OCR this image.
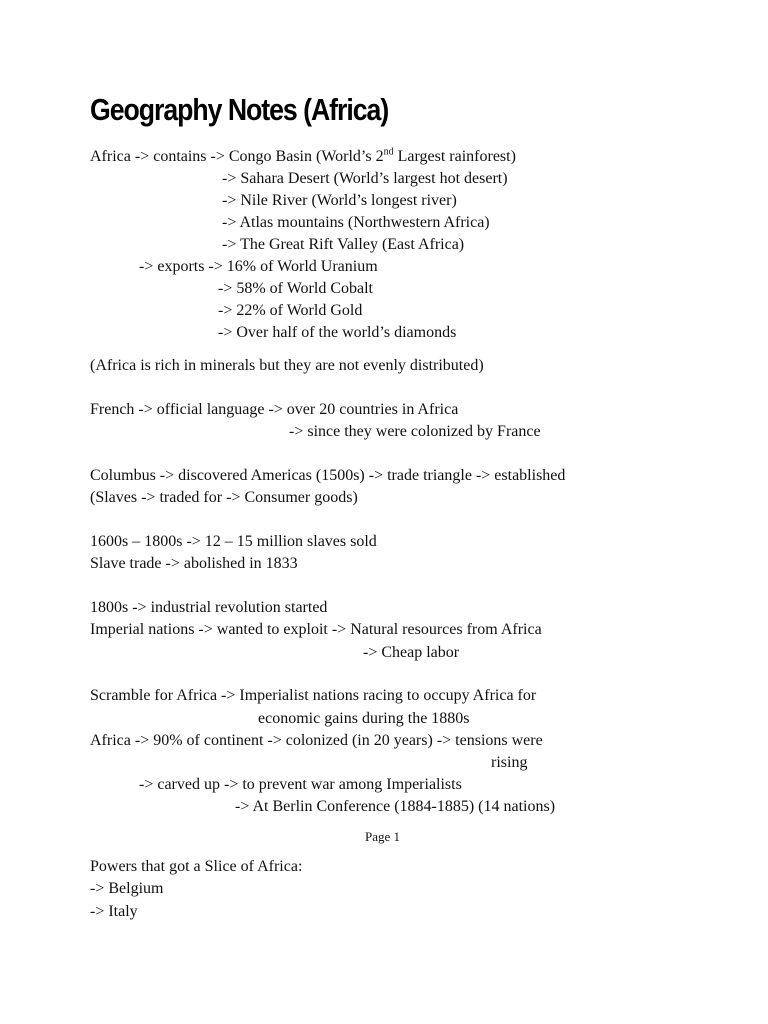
Geography Notes (Africa)
Africa -> contains -> Congo Basin (World’s 2nd Largest rainforest)
-> Sahara Desert (World’s largest hot desert)
-> Nile River (World’s longest river)
-> Atlas mountains (Northwestern Africa)
-> The Great Rift Valley (East Africa)
-> exports -> 16% of World Uranium
-> 58% of World Cobalt
-> 22% of World Gold
-> Over half of the world’s diamonds
(Africa is rich in minerals but they are not evenly distributed)
French -> official language -> over 20 countries in Africa
-> since they were colonized by France
Columbus -> discovered Americas (1500s) -> trade triangle -> established
(Slaves -> traded for -> Consumer goods)
1600s – 1800s -> 12 – 15 million slaves sold
Slave trade -> abolished in 1833
1800s -> industrial revolution started
Imperial nations -> wanted to exploit -> Natural resources from Africa
-> Cheap labor
Scramble for Africa -> Imperialist nations racing to occupy Africa for
economic gains during the 1880s
Africa -> 90% of continent -> colonized (in 20 years) -> tensions were
rising
-> carved up -> to prevent war among Imperialists
-> At Berlin Conference (1884-1885) (14 nations)
Page 1
Powers that got a Slice of Africa:
-> Belgium
-> Italy
